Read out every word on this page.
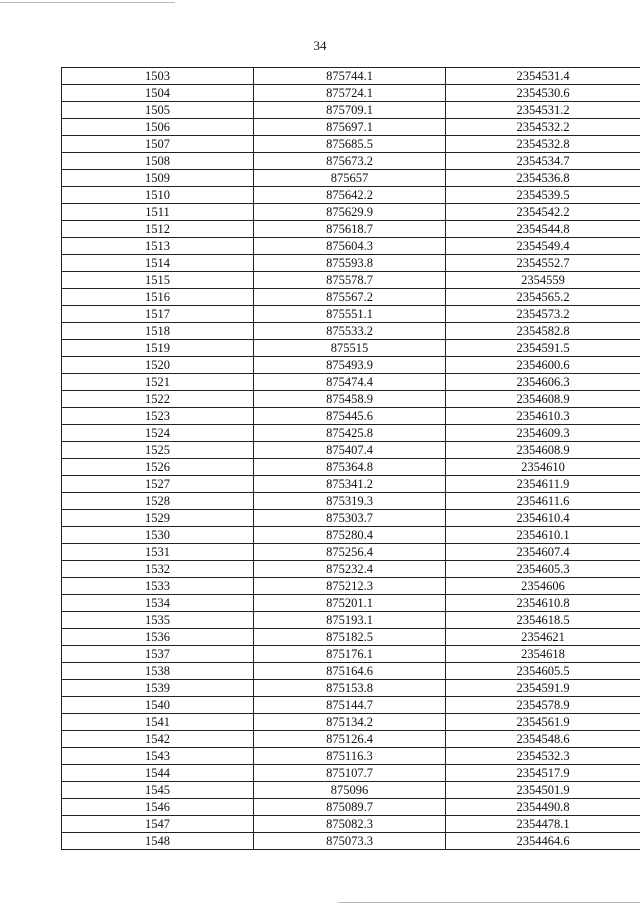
34
1503	875744.1	2354531.4
1504	875724.1	2354530.6
1505	875709.1	2354531.2
1506	875697.1	2354532.2
1507	875685.5	2354532.8
1508	875673.2	2354534.7
1509	875657	2354536.8
1510	875642.2	2354539.5
1511	875629.9	2354542.2
1512	875618.7	2354544.8
1513	875604.3	2354549.4
1514	875593.8	2354552.7
1515	875578.7	2354559
1516	875567.2	2354565.2
1517	875551.1	2354573.2
1518	875533.2	2354582.8
1519	875515	2354591.5
1520	875493.9	2354600.6
1521	875474.4	2354606.3
1522	875458.9	2354608.9
1523	875445.6	2354610.3
1524	875425.8	2354609.3
1525	875407.4	2354608.9
1526	875364.8	2354610
1527	875341.2	2354611.9
1528	875319.3	2354611.6
1529	875303.7	2354610.4
1530	875280.4	2354610.1
1531	875256.4	2354607.4
1532	875232.4	2354605.3
1533	875212.3	2354606
1534	875201.1	2354610.8
1535	875193.1	2354618.5
1536	875182.5	2354621
1537	875176.1	2354618
1538	875164.6	2354605.5
1539	875153.8	2354591.9
1540	875144.7	2354578.9
1541	875134.2	2354561.9
1542	875126.4	2354548.6
1543	875116.3	2354532.3
1544	875107.7	2354517.9
1545	875096	2354501.9
1546	875089.7	2354490.8
1547	875082.3	2354478.1
1548	875073.3	2354464.6
